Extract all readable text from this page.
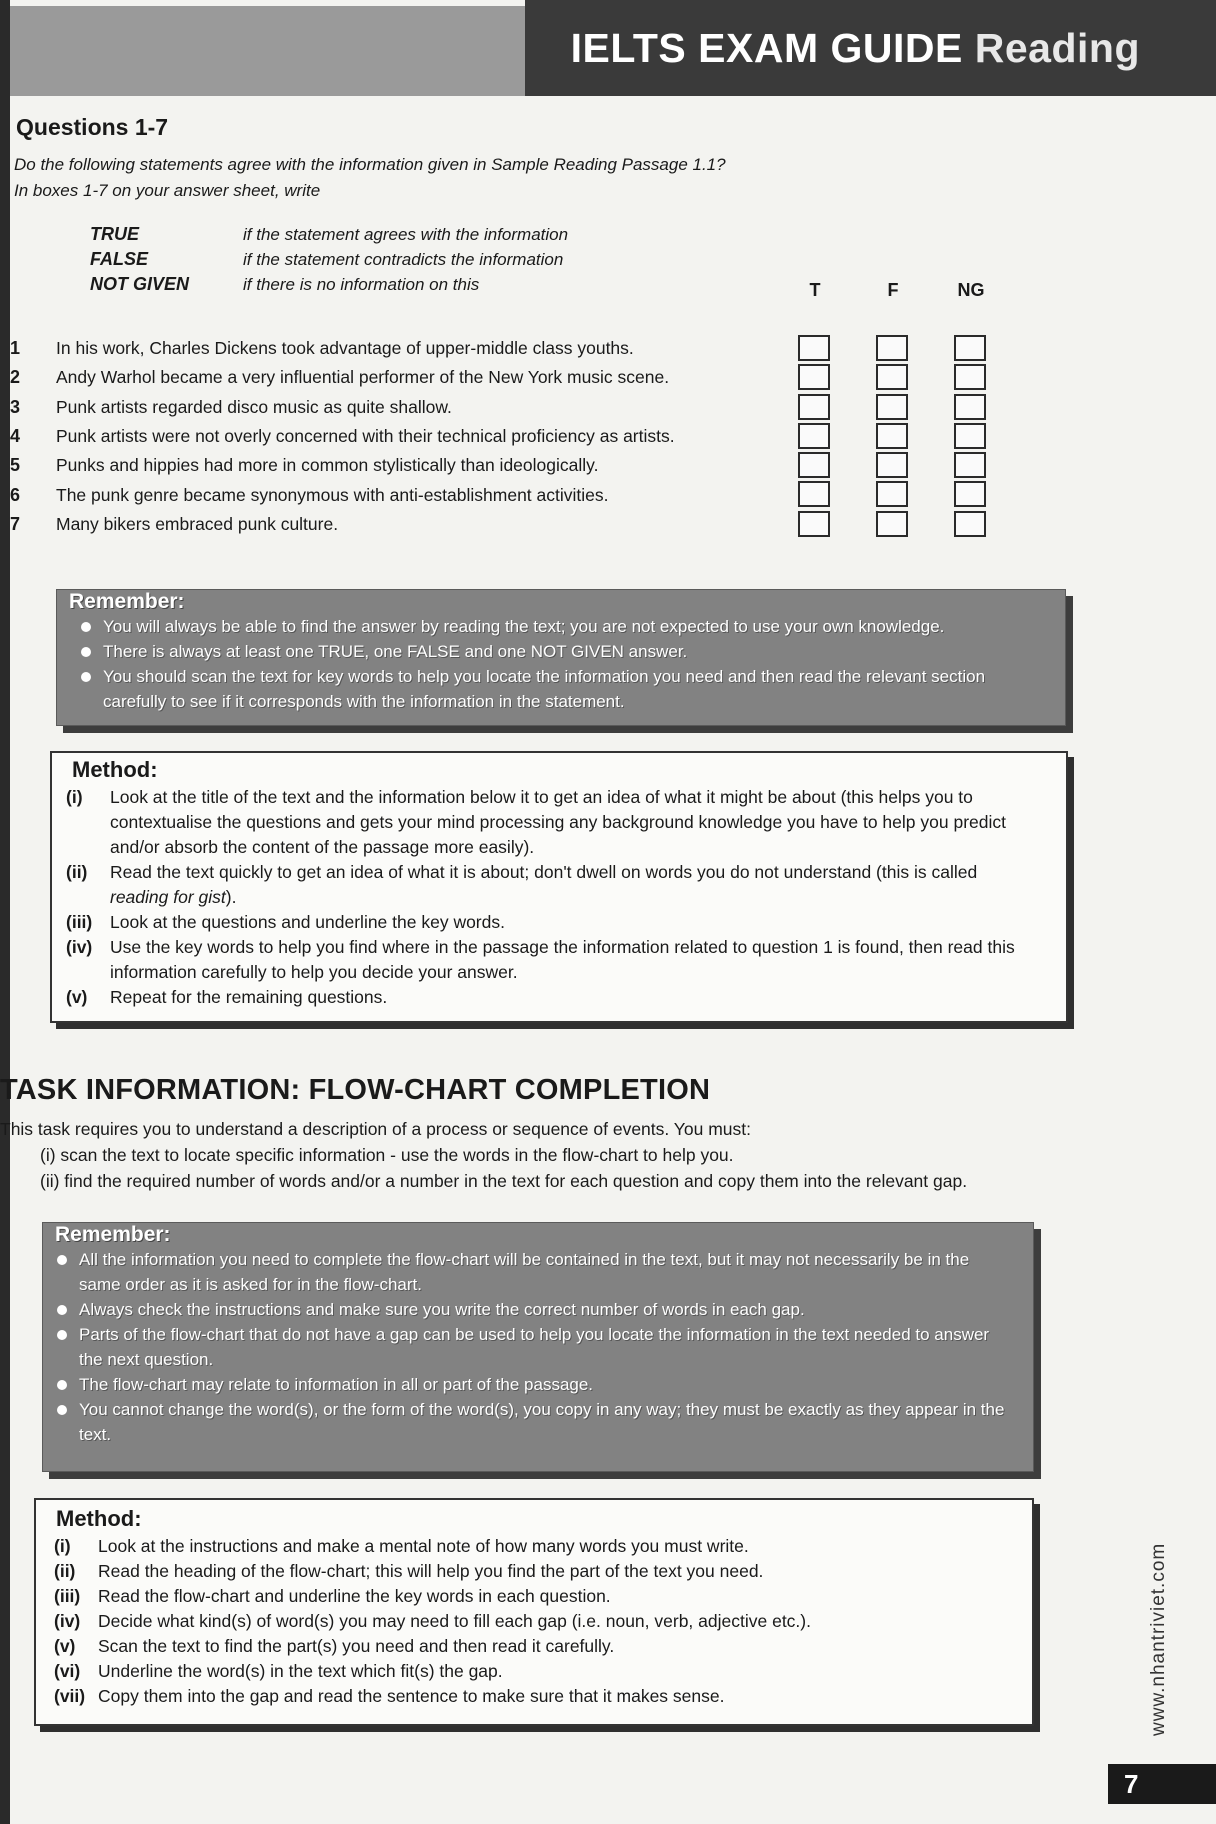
IELTS EXAM GUIDE Reading
Questions 1-7
Do the following statements agree with the information given in Sample Reading Passage 1.1?
In boxes 1-7 on your answer sheet, write
TRUE	if the statement agrees with the information
FALSE	if the statement contradicts the information
NOT GIVEN	if there is no information on this	T	F	NG
1	In his work, Charles Dickens took advantage of upper-middle class youths.
2	Andy Warhol became a very influential performer of the New York music scene.
3	Punk artists regarded disco music as quite shallow.
4	Punk artists were not overly concerned with their technical proficiency as artists.
5	Punks and hippies had more in common stylistically than ideologically.
6	The punk genre became synonymous with anti-establishment activities.
7	Many bikers embraced punk culture.
Remember:
You will always be able to find the answer by reading the text; you are not expected to use your own knowledge.
There is always at least one TRUE, one FALSE and one NOT GIVEN answer.
You should scan the text for key words to help you locate the information you need and then read the relevant section carefully to see if it corresponds with the information in the statement.
Method:
(i)	Look at the title of the text and the information below it to get an idea of what it might be about (this helps you to contextualise the questions and gets your mind processing any background knowledge you have to help you predict and/or absorb the content of the passage more easily).
(ii)	Read the text quickly to get an idea of what it is about; don't dwell on words you do not understand (this is called reading for gist).
(iii)	Look at the questions and underline the key words.
(iv)	Use the key words to help you find where in the passage the information related to question 1 is found, then read this information carefully to help you decide your answer.
(v)	Repeat for the remaining questions.
TASK INFORMATION: FLOW-CHART COMPLETION
This task requires you to understand a description of a process or sequence of events. You must:
(i) scan the text to locate specific information - use the words in the flow-chart to help you.
(ii) find the required number of words and/or a number in the text for each question and copy them into the relevant gap.
Remember:
All the information you need to complete the flow-chart will be contained in the text, but it may not necessarily be in the same order as it is asked for in the flow-chart.
Always check the instructions and make sure you write the correct number of words in each gap.
Parts of the flow-chart that do not have a gap can be used to help you locate the information in the text needed to answer the next question.
The flow-chart may relate to information in all or part of the passage.
You cannot change the word(s), or the form of the word(s), you copy in any way; they must be exactly as they appear in the text.
Method:
(i)	Look at the instructions and make a mental note of how many words you must write.
(ii)	Read the heading of the flow-chart; this will help you find the part of the text you need.
(iii)	Read the flow-chart and underline the key words in each question.
(iv)	Decide what kind(s) of word(s) you may need to fill each gap (i.e. noun, verb, adjective etc.).
(v)	Scan the text to find the part(s) you need and then read it carefully.
(vi)	Underline the word(s) in the text which fit(s) the gap.
(vii) Copy them into the gap and read the sentence to make sure that it makes sense.	www.nhantriviet.com
7
